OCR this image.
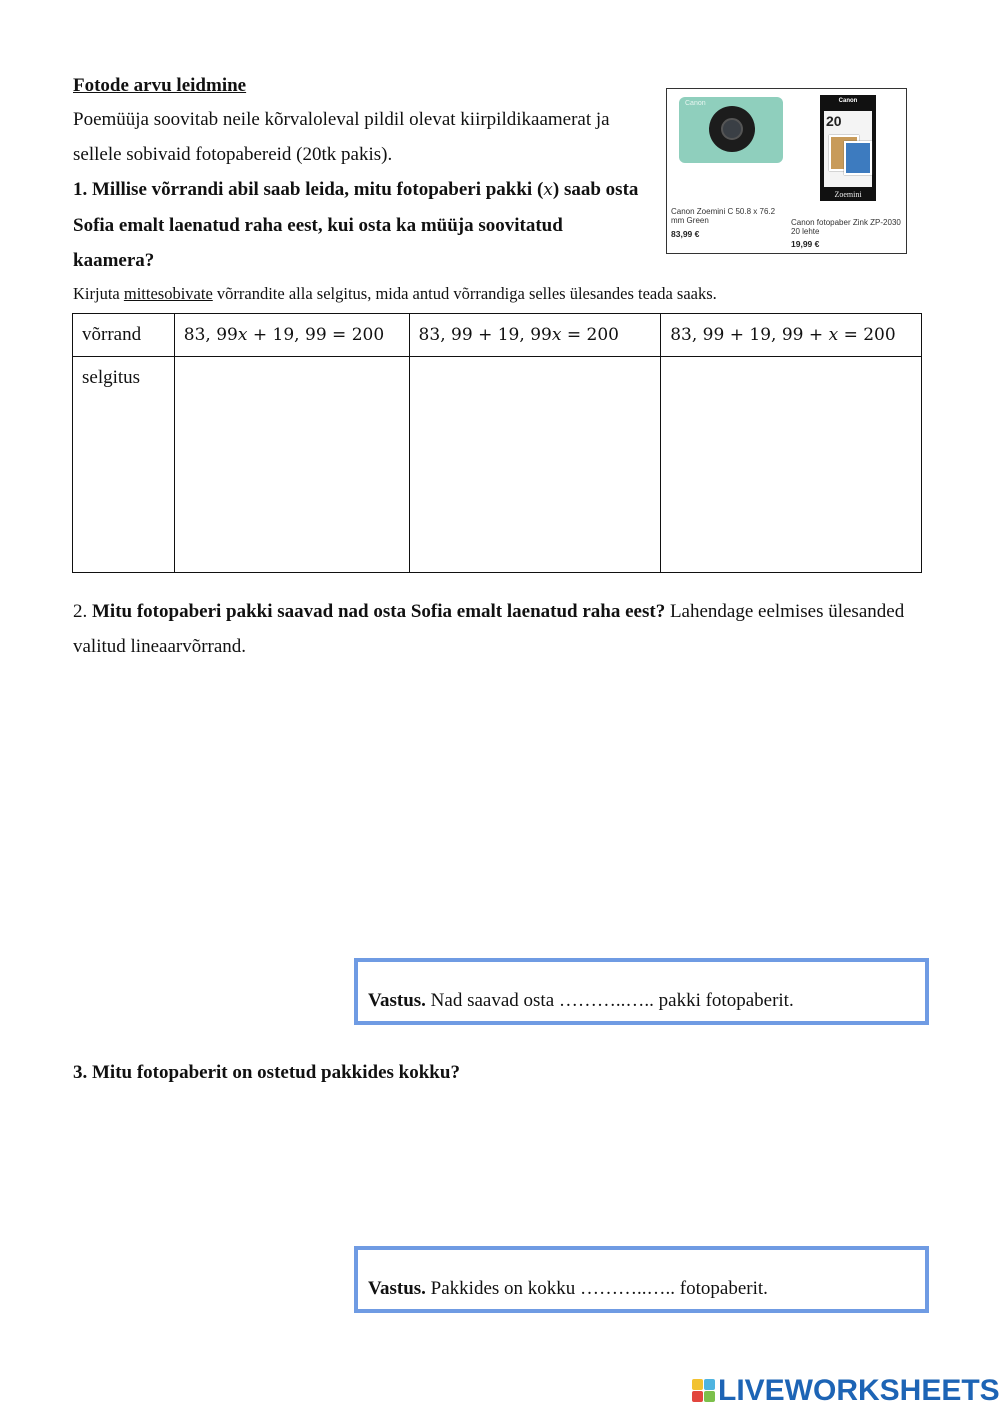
Fotode arvu leidmine
Poemüüja soovitab neile kõrvaloleval pildil olevat kiirpildikaamerat ja sellele sobivaid fotopabereid (20tk pakis).
1. Millise võrrandi abil saab leida, mitu fotopaberi pakki (x) saab osta Sofia emalt laenatud raha eest, kui osta ka müüja soovitatud kaamera?
Canon	Canon
20
Zoemini
Canon Zoemini C 50.8 x 76.2 mm Green
83,99 €
Canon fotopaber Zink ZP-2030 20 lehte
19,99 €
Kirjuta mittesobivate võrrandite alla selgitus, mida antud võrrandiga selles ülesandes teada saaks.
võrrand	83, 99x + 19, 99 = 200	83, 99 + 19, 99x = 200	83, 99 + 19, 99 + x = 200
selgitus			
2. Mitu fotopaberi pakki saavad nad osta Sofia emalt laenatud raha eest? Lahendage eelmises ülesanded valitud lineaarvõrrand.
Vastus. Nad saavad osta ………..….. pakki fotopaberit.
3. Mitu fotopaberit on ostetud pakkides kokku?
Vastus. Pakkides on kokku ………..….. fotopaberit.
LIVEWORKSHEETS
